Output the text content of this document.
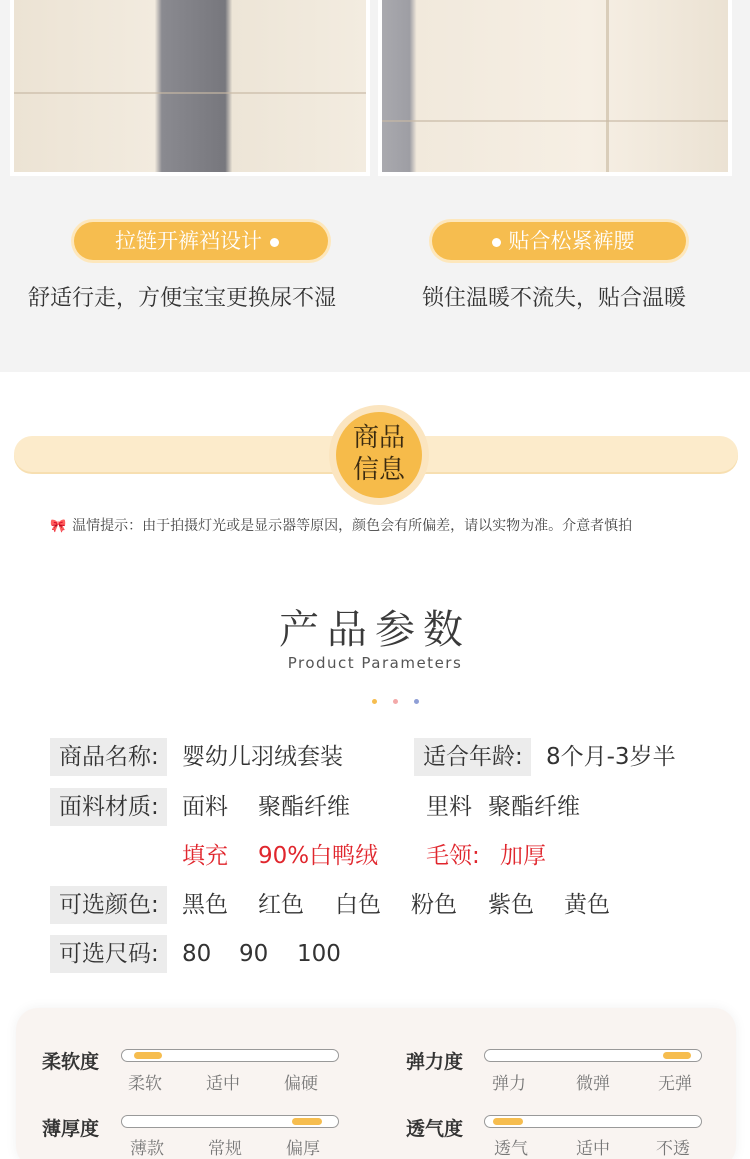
拉链开裤裆设计	贴合松紧裤腰
舒适行走，方便宝宝更换尿不湿	锁住温暖不流失，贴合温暖
商品
信息
🎀 温情提示：由于拍摄灯光或是显示器等原因，颜色会有所偏差，请以实物为准。介意者慎拍
产品参数
Product Parameters
商品名称: 婴幼儿羽绒套装	适合年龄:	8个月-3岁半
面料材质: 面料 聚酯纤维	里料 聚酯纤维
填充 90%白鸭绒 毛领: 加厚
可选颜色: 黑色 红色 白色 粉色 紫色 黄色
可选尺码: 80 90 100
柔软度
柔软	适中	偏硬
弹力度
弹力	微弹	无弹
薄厚度
薄款	常规	偏厚
透气度
透气	适中	不透
